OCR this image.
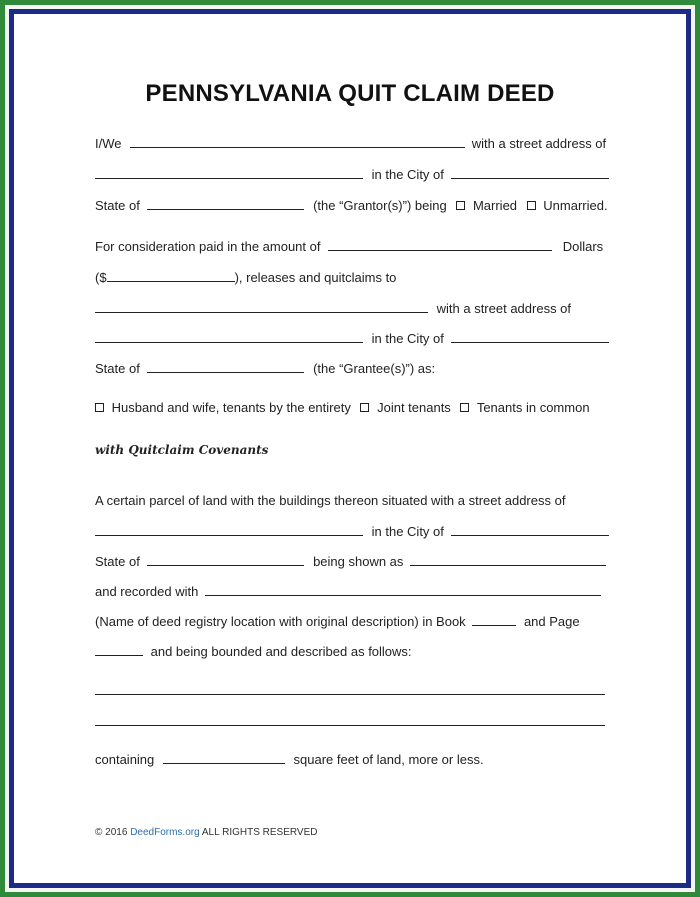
PENNSYLVANIA QUIT CLAIM DEED
I/We	with a street address of
in the City of
State of	(the “Grantor(s)”) being Married Unmarried.
For consideration paid in the amount of	Dollars
($	), releases and quitclaims to
with a street address of
in the City of
State of	(the “Grantee(s)”) as:
Husband and wife, tenants by the entirety Joint tenants Tenants in common
with Quitclaim Covenants
A certain parcel of land with the buildings thereon situated with a street address of
in the City of
State of	being shown as
and recorded with
(Name of deed registry location with original description) in Book	and Page
and being bounded and described as follows:
containing	square feet of land, more or less.
© 2016 DeedForms.org ALL RIGHTS RESERVED
